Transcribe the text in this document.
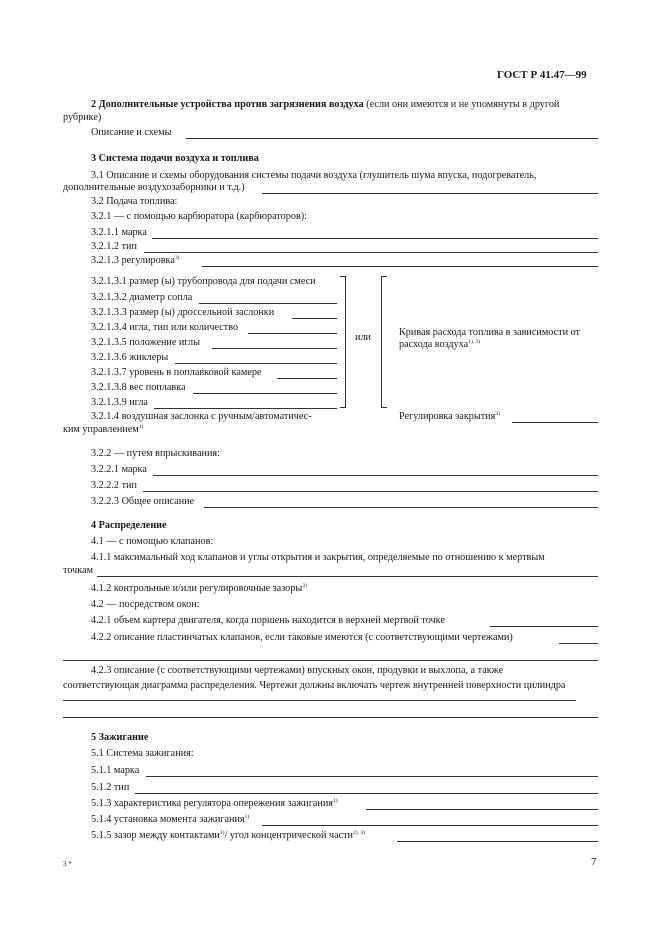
ГОСТ Р 41.47—99
2 Дополнительные устройства против загрязнения воздуха (если они имеются и не упомянуты в другой
рубрике)
Описание и схемы
3 Система подачи воздуха и топлива
3.1 Описание и схемы оборудования системы подачи воздуха (глушитель шума впуска, подогреватель,
дополнительные воздухозаборники и т.д.)
3.2 Подача топлива:
3.2.1 — с помощью карбюратора (карбюраторов):
3.2.1.1 марка
3.2.1.2 тип
3.2.1.3 регулировка$^{3)}$
3.2.1.3.1 размер (ы) трубопровода для подачи смеси
3.2.1.3.2 диаметр сопла
3.2.1.3.3 размер (ы) дроссельной заслонки
3.2.1.3.4 игла, тип или количество
3.2.1.3.5 положение иглы
3.2.1.3.6 жиклеры
3.2.1.3.7 уровень в поплавковой камере
3.2.1.3.8 вес поплавка
3.2.1.3.9 игла
или	Кривая расхода топлива в зависимости от
расхода воздуха$^{1), 3)}$
3.2.1.4 воздушная заслонка с ручным/автоматичес-
ким управлением$^{1)}$
Регулировка закрытия$^{3)}$
3.2.2 — путем впрыскивания:
3.2.2.1 марка
3.2.2.2 тип
3.2.2.3 Общее описание
4 Распределение
4.1 — с помощью клапанов:
4.1.1 максимальный ход клапанов и углы открытия и закрытия, определяемые по отношению к мертвым
точкам
4.1.2 контрольные и/или регулировочные зазоры$^{3)}$
4.2 — посредством окон:
4.2.1 объем картера двигателя, когда поршень находится в верхней мертвой точке
4.2.2 описание пластинчатых клапанов, если таковые имеются (с соответствующими чертежами)
4.2.3 описание (с соответствующими чертежами) впускных окон, продувки и выхлопа, а также
соответствующая диаграмма распределения. Чертежи должны включать чертеж внутренней поверхности цилиндра
5 Зажигание
5.1 Система зажигания:
5.1.1 марка
5.1.2 тип
5.1.3 характеристика регулятора опережения зажигания$^{1)}$
5.1.4 установка момента зажигания$^{1)}$
5.1.5 зазор между контактами$^{1)}$/ угол концентрической части$^{2), 3)}$
3 *	7
